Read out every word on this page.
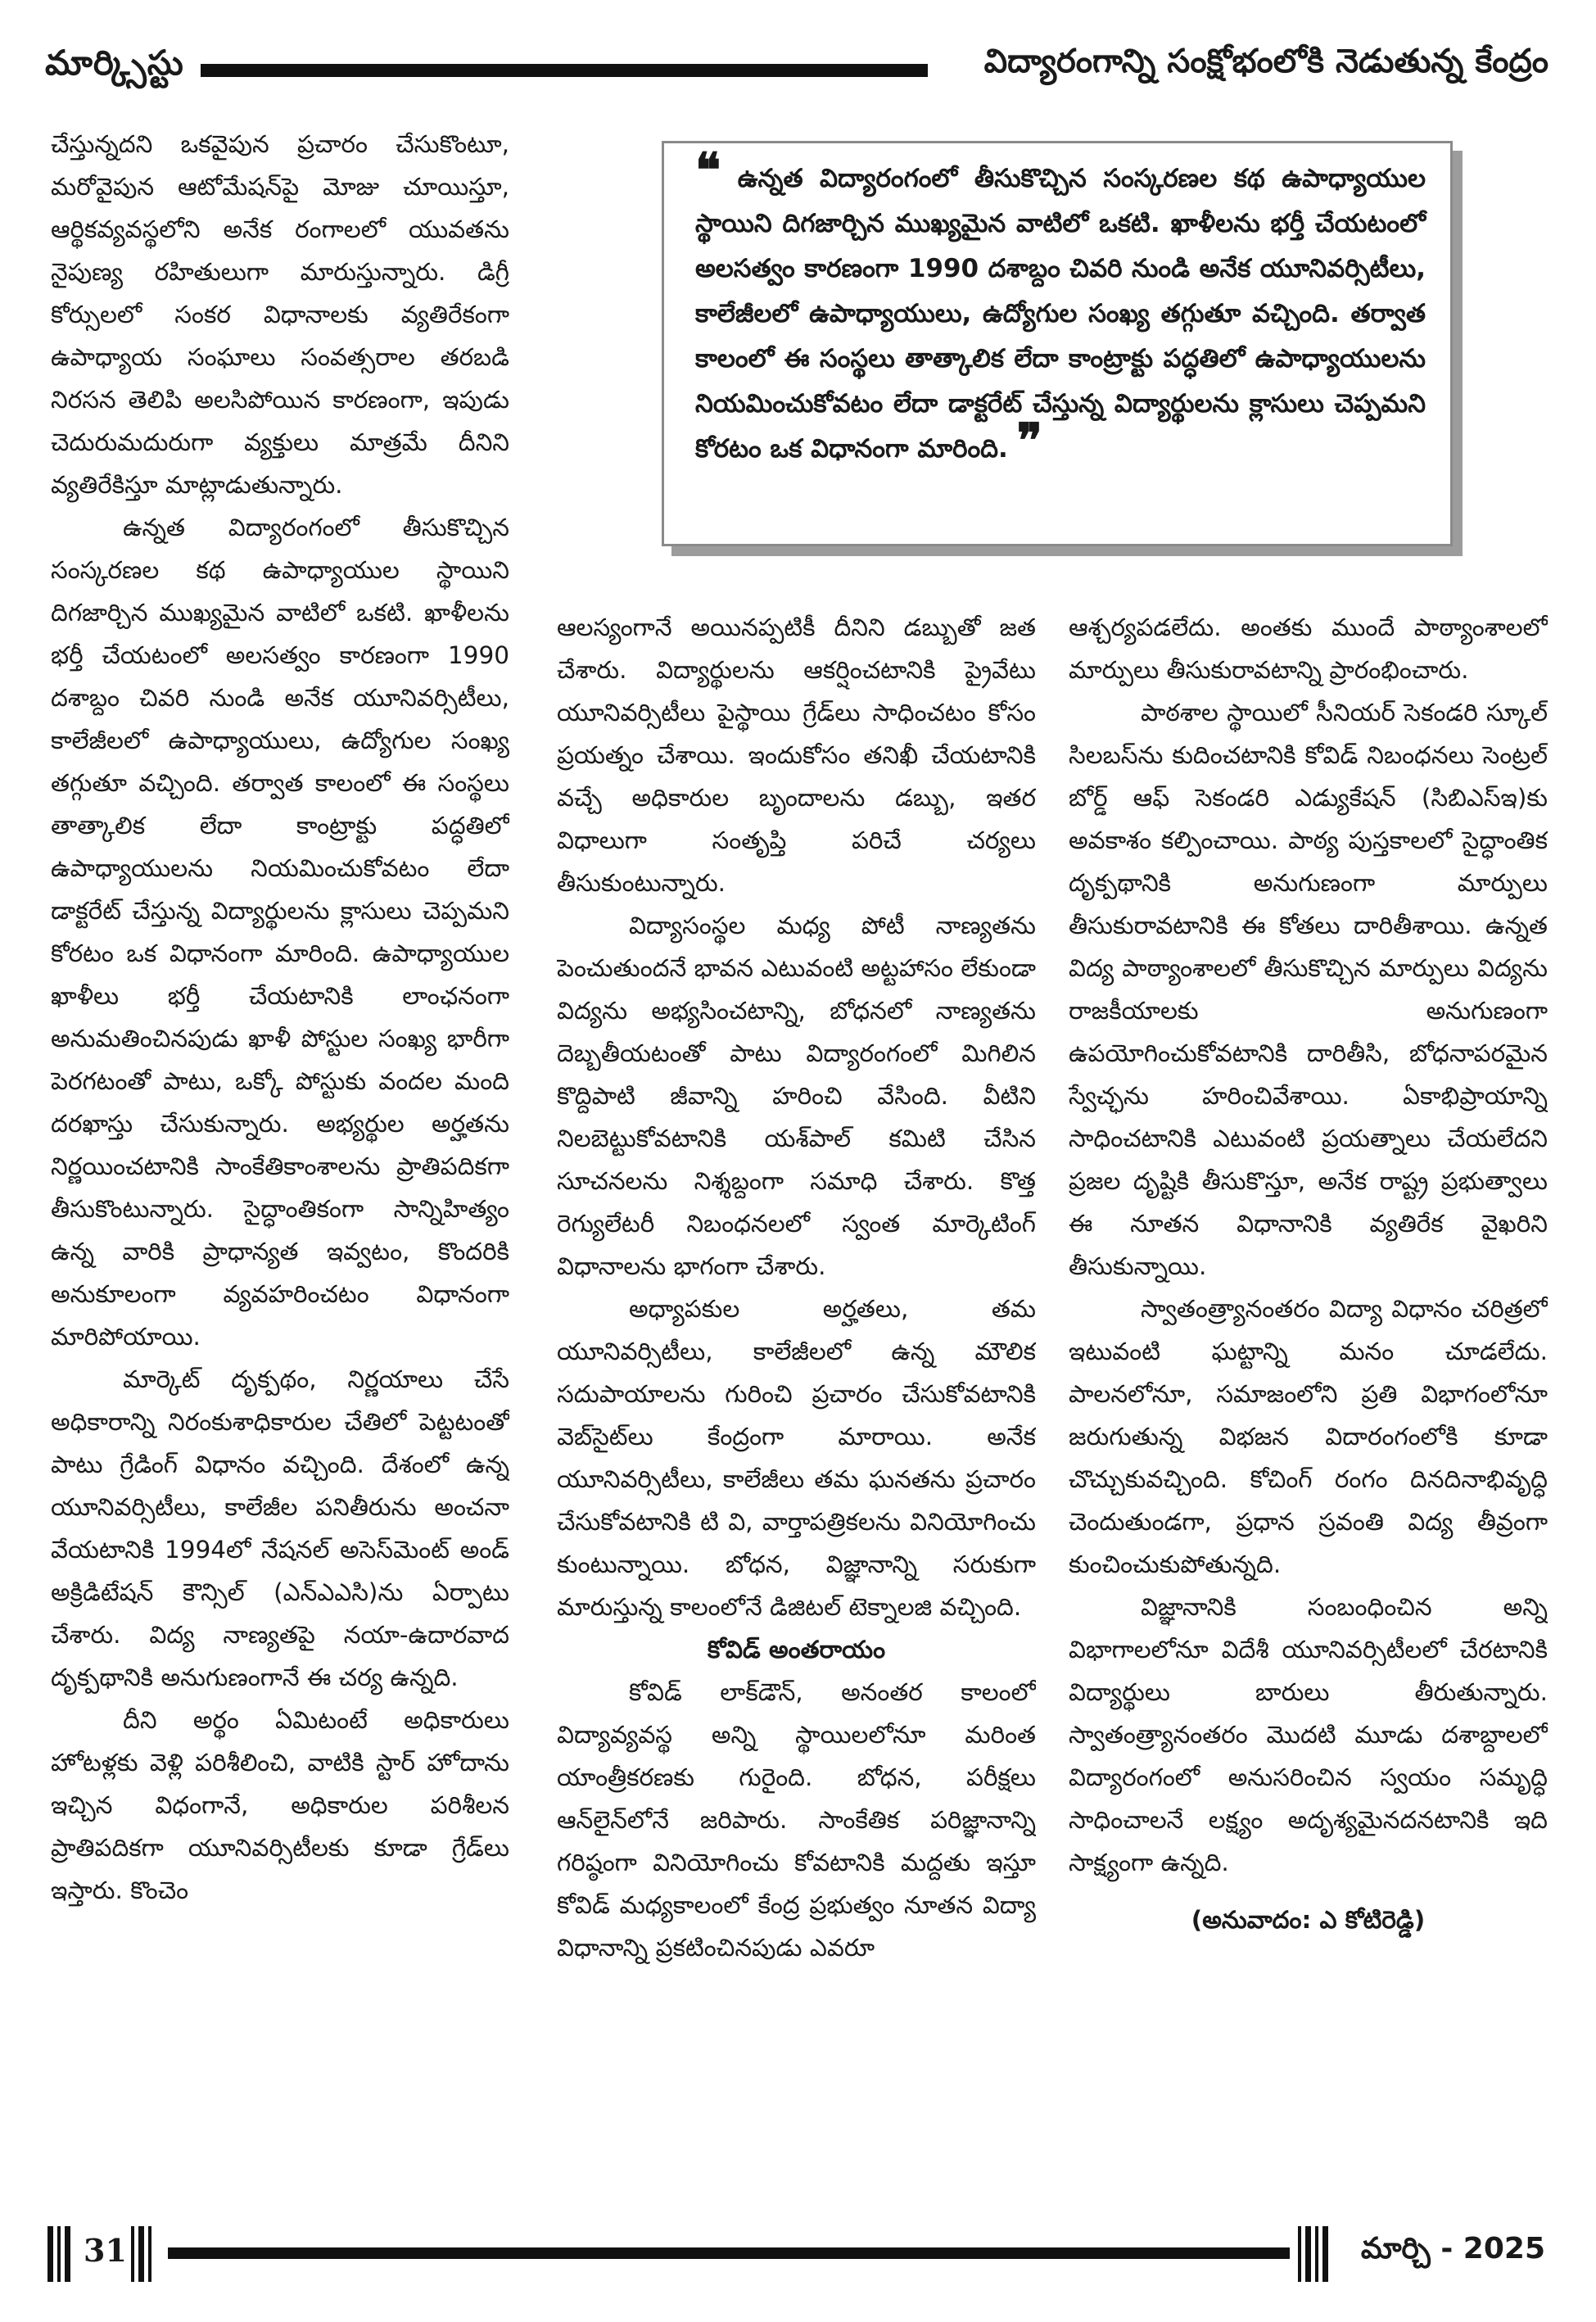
మార్క్సిస్టు	విద్యారంగాన్ని సంక్షోభంలోకి నెడుతున్న కేంద్రం

చేస్తున్నదని ఒకవైపున ప్రచారం చేసుకొంటూ, మరోవైపున ఆటోమేషన్‌పై మోజు చూయిస్తూ, ఆర్థికవ్యవస్థలోని అనేక రంగాలలో యువతను నైపుణ్య రహితులుగా మారుస్తున్నారు. డిగ్రీ కోర్సులలో సంకర విధానాలకు వ్యతిరేకంగా ఉపాధ్యాయ సంఘాలు సంవత్సరాల తరబడి నిరసన తెలిపి అలసిపోయిన కారణంగా, ఇపుడు చెదురుమదురుగా వ్యక్తులు మాత్రమే దీనిని వ్యతిరేకిస్తూ మాట్లాడుతున్నారు.

ఉన్నత విద్యారంగంలో తీసుకొచ్చిన సంస్కరణల కథ ఉపాధ్యాయుల స్థాయిని దిగజార్చిన ముఖ్యమైన వాటిలో ఒకటి. ఖాళీలను భర్తీ చేయటంలో అలసత్వం కారణంగా 1990 దశాబ్దం చివరి నుండి అనేక యూనివర్సిటీలు, కాలేజీలలో ఉపాధ్యాయులు, ఉద్యోగుల సంఖ్య తగ్గుతూ వచ్చింది. తర్వాత కాలంలో ఈ సంస్థలు తాత్కాలిక లేదా కాంట్రాక్టు పద్ధతిలో ఉపాధ్యాయులను నియమించుకోవటం లేదా డాక్టరేట్ చేస్తున్న విద్యార్థులను క్లాసులు చెప్పమని కోరటం ఒక విధానంగా మారింది. ఉపాధ్యాయుల ఖాళీలు భర్తీ చేయటానికి లాంఛనంగా అనుమతించినపుడు ఖాళీ పోస్టుల సంఖ్య భారీగా పెరగటంతో పాటు, ఒక్కో పోస్టుకు వందల మంది దరఖాస్తు చేసుకున్నారు. అభ్యర్థుల అర్హతను నిర్ణయించటానికి సాంకేతికాంశాలను ప్రాతిపదికగా తీసుకొంటున్నారు. సైద్ధాంతికంగా సాన్నిహిత్యం ఉన్న వారికి ప్రాధాన్యత ఇవ్వటం, కొందరికి అనుకూలంగా వ్యవహరించటం విధానంగా మారిపోయాయి.

మార్కెట్ దృక్పథం, నిర్ణయాలు చేసే అధికారాన్ని నిరంకుశాధికారుల చేతిలో పెట్టటంతో పాటు గ్రేడింగ్ విధానం వచ్చింది. దేశంలో ఉన్న యూనివర్సిటీలు, కాలేజీల పనితీరును అంచనా వేయటానికి 1994లో నేషనల్ అసెస్‌మెంట్ అండ్ అక్రిడిటేషన్ కౌన్సిల్ (ఎన్ఎఎసి)ను ఏర్పాటు చేశారు. విద్య నాణ్యతపై నయా-ఉదారవాద దృక్పథానికి అనుగుణంగానే ఈ చర్య ఉన్నది.

దీని అర్థం ఏమిటంటే అధికారులు హోటళ్లకు వెళ్లి పరిశీలించి, వాటికి స్టార్ హోదాను ఇచ్చిన విధంగానే, అధికారుల పరిశీలన ప్రాతిపదికగా యూనివర్సిటీలకు కూడా గ్రేడ్‌లు ఇస్తారు. కొంచెం

❝ ఉన్నత విద్యారంగంలో తీసుకొచ్చిన సంస్కరణల కథ ఉపాధ్యాయుల స్థాయిని దిగజార్చిన ముఖ్యమైన వాటిలో ఒకటి. ఖాళీలను భర్తీ చేయటంలో అలసత్వం కారణంగా 1990 దశాబ్దం చివరి నుండి అనేక యూనివర్సిటీలు, కాలేజీలలో ఉపాధ్యాయులు, ఉద్యోగుల సంఖ్య తగ్గుతూ వచ్చింది. తర్వాత కాలంలో ఈ సంస్థలు తాత్కాలిక లేదా కాంట్రాక్టు పద్ధతిలో ఉపాధ్యాయులను నియమించుకోవటం లేదా డాక్టరేట్ చేస్తున్న విద్యార్థులను క్లాసులు చెప్పమని కోరటం ఒక విధానంగా మారింది. ❞

ఆలస్యంగానే అయినప్పటికీ దీనిని డబ్బుతో జత చేశారు. విద్యార్థులను ఆకర్షించటానికి ప్రైవేటు యూనివర్సిటీలు పైస్థాయి గ్రేడ్‌లు సాధించటం కోసం ప్రయత్నం చేశాయి. ఇందుకోసం తనిఖీ చేయటానికి వచ్చే అధికారుల బృందాలను డబ్బు, ఇతర విధాలుగా సంతృప్తి పరిచే చర్యలు తీసుకుంటున్నారు.

విద్యాసంస్థల మధ్య పోటీ నాణ్యతను పెంచుతుందనే భావన ఎటువంటి అట్టహాసం లేకుండా విద్యను అభ్యసించటాన్ని, బోధనలో నాణ్యతను దెబ్బతీయటంతో పాటు విద్యారంగంలో మిగిలిన కొద్దిపాటి జీవాన్ని హరించి వేసింది. వీటిని నిలబెట్టుకోవటానికి యశ్‌పాల్ కమిటి చేసిన సూచనలను నిశ్శబ్దంగా సమాధి చేశారు. కొత్త రెగ్యులేటరీ నిబంధనలలో స్వంత మార్కెటింగ్ విధానాలను భాగంగా చేశారు.

అధ్యాపకుల అర్హతలు, తమ యూనివర్సిటీలు, కాలేజీలలో ఉన్న మౌలిక సదుపాయాలను గురించి ప్రచారం చేసుకోవటానికి వెబ్‌సైట్‌లు కేంద్రంగా మారాయి. అనేక యూనివర్సిటీలు, కాలేజీలు తమ ఘనతను ప్రచారం చేసుకోవటానికి టి వి, వార్తాపత్రికలను వినియోగించు కుంటున్నాయి. బోధన, విజ్ఞానాన్ని సరుకుగా మారుస్తున్న కాలంలోనే డిజిటల్ టెక్నాలజి వచ్చింది.

కోవిడ్ అంతరాయం

కోవిడ్ లాక్‌డౌన్, అనంతర కాలంలో విద్యావ్యవస్థ అన్ని స్థాయిలలోనూ మరింత యాంత్రీకరణకు గురైంది. బోధన, పరీక్షలు ఆన్‌లైన్‌లోనే జరిపారు. సాంకేతిక పరిజ్ఞానాన్ని గరిష్ఠంగా వినియోగించు కోవటానికి మద్దతు ఇస్తూ కోవిడ్ మధ్యకాలంలో కేంద్ర ప్రభుత్వం నూతన విద్యా విధానాన్ని ప్రకటించినపుడు ఎవరూ

ఆశ్చర్యపడలేదు. అంతకు ముందే పాఠ్యాంశాలలో మార్పులు తీసుకురావటాన్ని ప్రారంభించారు.

పాఠశాల స్థాయిలో సీనియర్ సెకండరి స్కూల్ సిలబస్‌ను కుదించటానికి కోవిడ్ నిబంధనలు సెంట్రల్ బోర్డ్ ఆఫ్ సెకండరి ఎడ్యుకేషన్ (సిబిఎస్ఇ)కు అవకాశం కల్పించాయి. పాఠ్య పుస్తకాలలో సైద్ధాంతిక దృక్పథానికి అనుగుణంగా మార్పులు తీసుకురావటానికి ఈ కోతలు దారితీశాయి. ఉన్నత విద్య పాఠ్యాంశాలలో తీసుకొచ్చిన మార్పులు విద్యను రాజకీయాలకు అనుగుణంగా ఉపయోగించుకోవటానికి దారితీసి, బోధనాపరమైన స్వేచ్ఛను హరించివేశాయి. ఏకాభిప్రాయాన్ని సాధించటానికి ఎటువంటి ప్రయత్నాలు చేయలేదని ప్రజల దృష్టికి తీసుకొస్తూ, అనేక రాష్ట్ర ప్రభుత్వాలు ఈ నూతన విధానానికి వ్యతిరేక వైఖరిని తీసుకున్నాయి.

స్వాతంత్ర్యానంతరం విద్యా విధానం చరిత్రలో ఇటువంటి ఘట్టాన్ని మనం చూడలేదు. పాలనలోనూ, సమాజంలోని ప్రతి విభాగంలోనూ జరుగుతున్న విభజన విదారంగంలోకి కూడా చొచ్చుకువచ్చింది. కోచింగ్ రంగం దినదినాభివృద్ధి చెందుతుండగా, ప్రధాన స్రవంతి విద్య తీవ్రంగా కుంచించుకుపోతున్నది.

విజ్ఞానానికి సంబంధించిన అన్ని విభాగాలలోనూ విదేశీ యూనివర్సిటీలలో చేరటానికి విద్యార్థులు బారులు తీరుతున్నారు. స్వాతంత్ర్యానంతరం మొదటి మూడు దశాబ్దాలలో విద్యారంగంలో అనుసరించిన స్వయం సమృద్ధి సాధించాలనే లక్ష్యం అదృశ్యమైనదనటానికి ఇది సాక్ష్యంగా ఉన్నది.

(అనువాదం: ఎ కోటిరెడ్డి)

31	మార్చి - 2025
